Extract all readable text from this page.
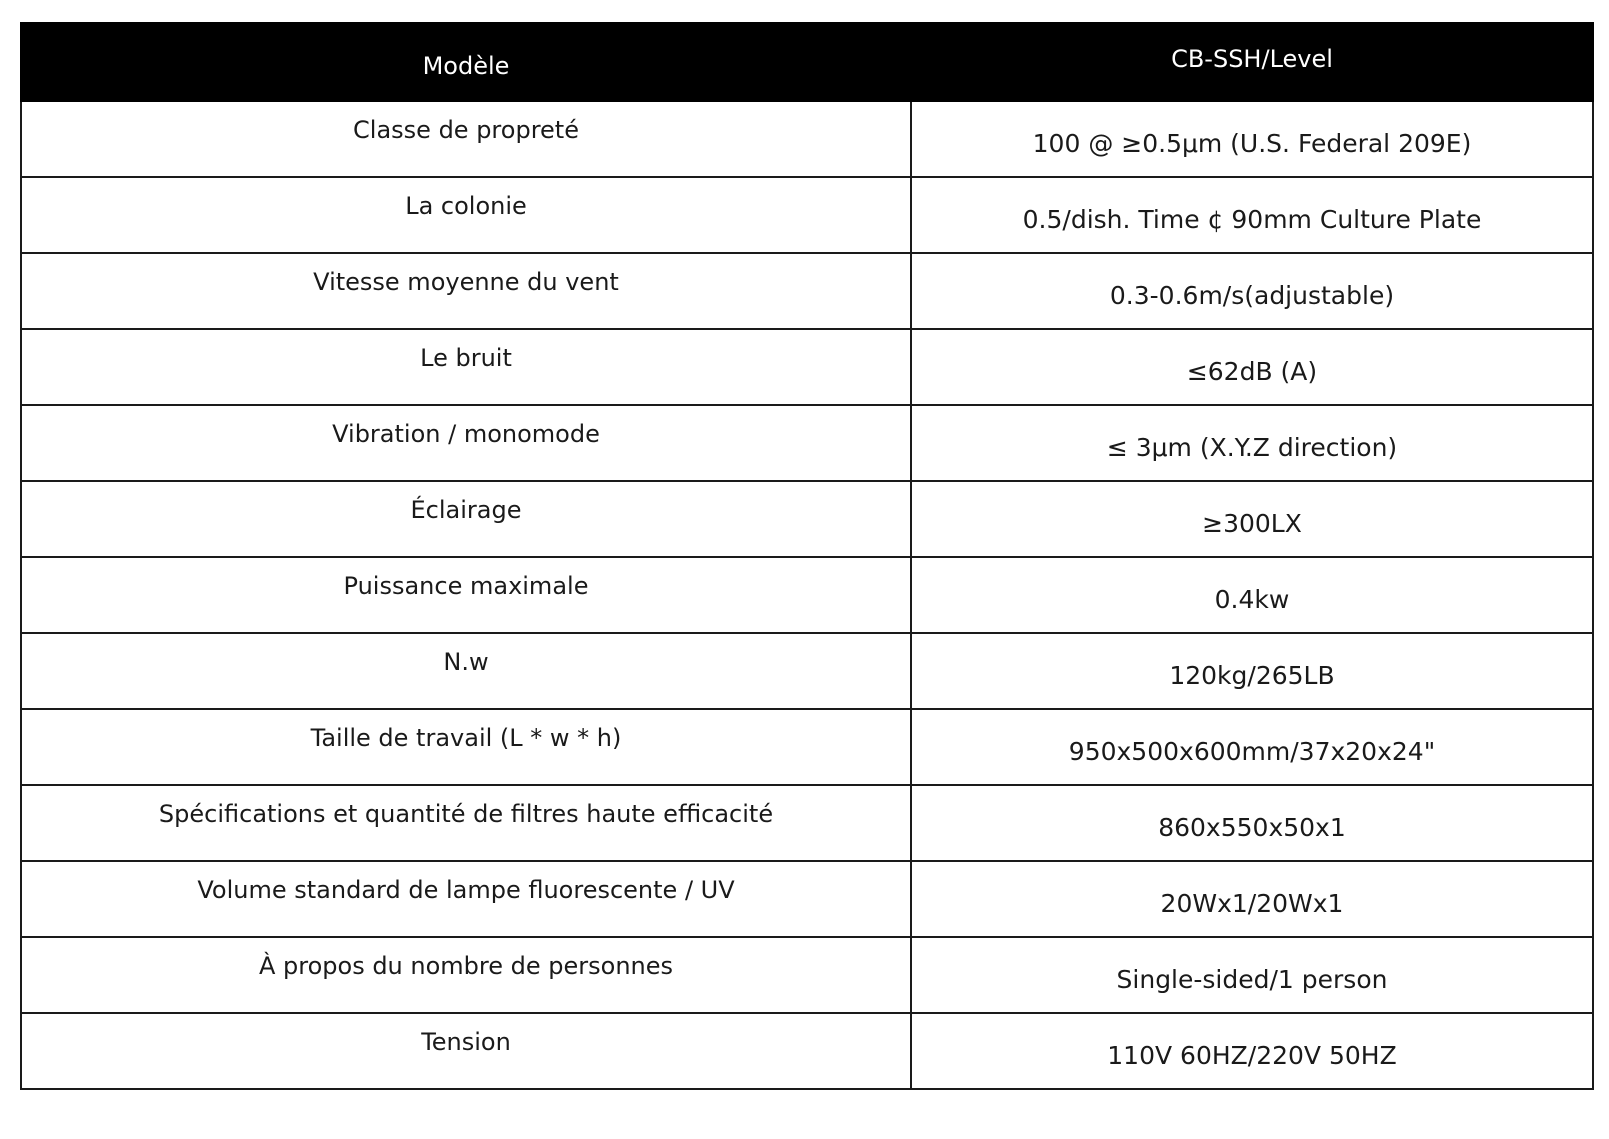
Modèle	CB-SSH/Level
Classe de propreté	100 @ ≥0.5μm (U.S. Federal 209E)
La colonie	0.5/dish. Time ¢ 90mm Culture Plate
Vitesse moyenne du vent	0.3-0.6m/s(adjustable)
Le bruit	≤62dB (A)
Vibration / monomode	≤ 3μm (X.Y.Z direction)
Éclairage	≥300LX
Puissance maximale	0.4kw
N.w	120kg/265LB
Taille de travail (L * w * h)	950x500x600mm/37x20x24"
Spécifications et quantité de filtres haute efficacité	860x550x50x1
Volume standard de lampe fluorescente / UV	20Wx1/20Wx1
À propos du nombre de personnes	Single-sided/1 person
Tension	110V 60HZ/220V 50HZ
